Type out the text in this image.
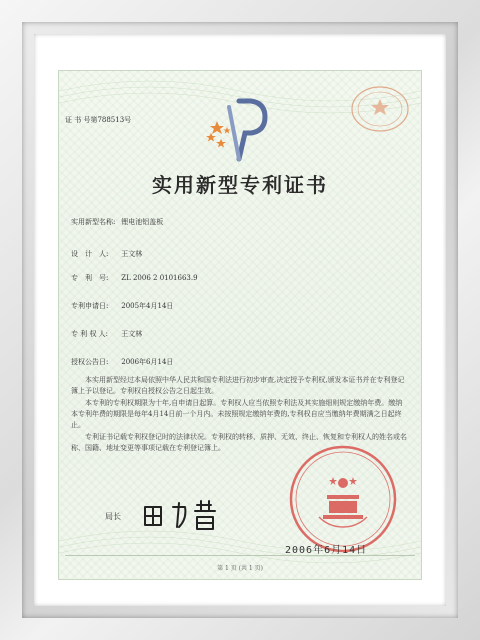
证 书 号第788513号
实用新型专利证书
实用新型名称: 锂电池铝盖板
设　计　人: 王文林
专　利　号: ZL 2006 2 0101663.9
专利申请日: 2005年4月14日
专 利 权 人: 王文林
授权公告日: 2006年6月14日

本实用新型经过本局依照中华人民共和国专利法进行初步审查,决定授予专利权,颁发本证书并在专利登记簿上予以登记。专利权自授权公告之日起生效。

本专利的专利权期限为十年,自申请日起算。专利权人应当依照专利法及其实施细则规定缴纳年费。缴纳本专利年费的期限是每年4月14日前一个月内。未按照规定缴纳年费的,专利权自应当缴纳年费期满之日起终止。

专利证书记载专利权登记时的法律状况。专利权的转移、质押、无效、终止、恢复和专利权人的姓名或名称、国籍、地址变更等事项记载在专利登记簿上。

局长
2006年6月14日
第 1 页 (共 1 页)
